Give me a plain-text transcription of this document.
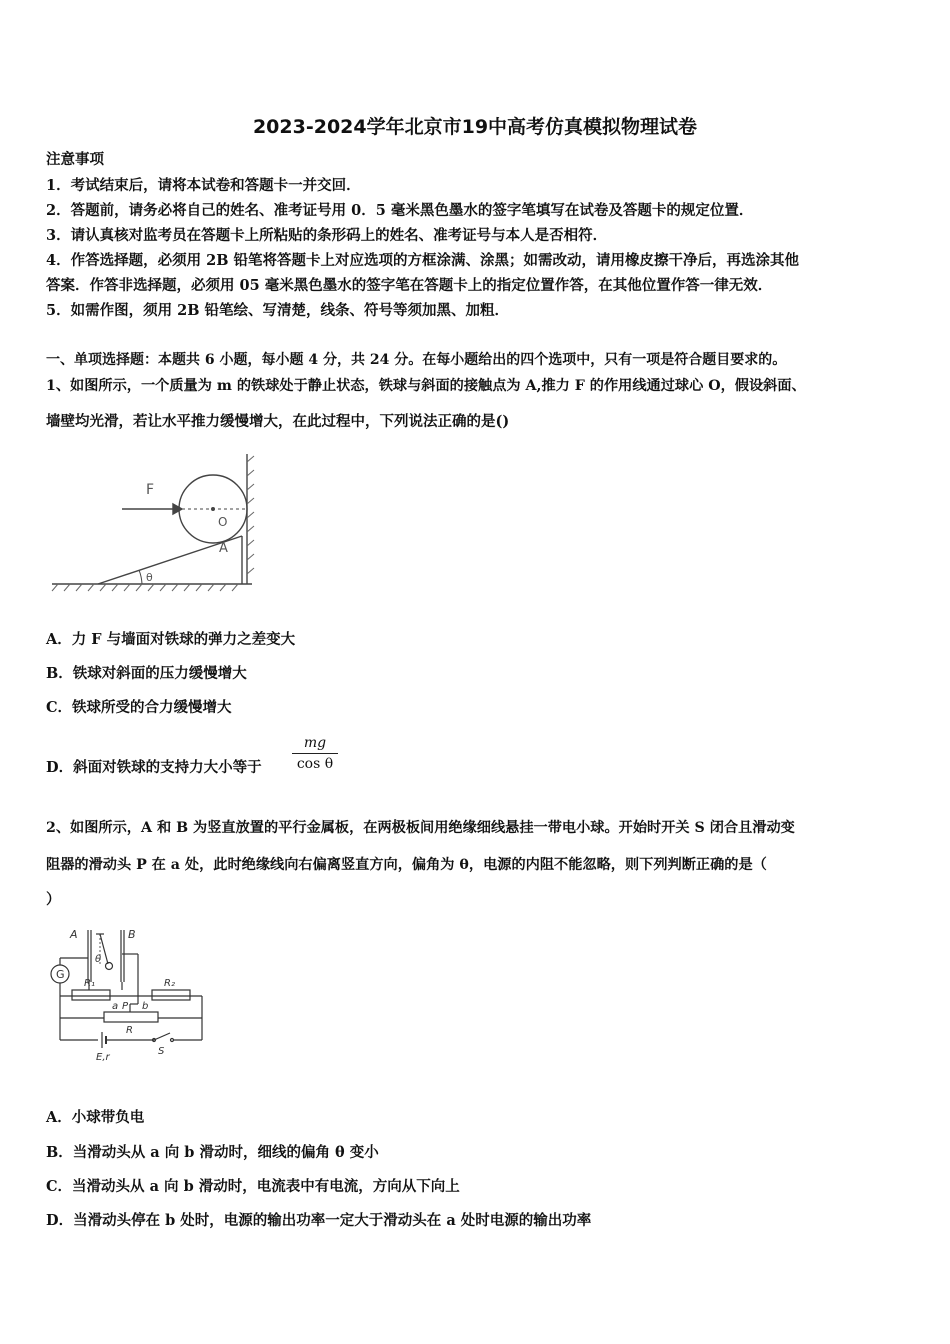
2023-2024学年北京市19中高考仿真模拟物理试卷
注意事项
1．考试结束后，请将本试卷和答题卡一并交回．
2．答题前，请务必将自己的姓名、准考证号用 0．5 毫米黑色墨水的签字笔填写在试卷及答题卡的规定位置．
3．请认真核对监考员在答题卡上所粘贴的条形码上的姓名、准考证号与本人是否相符．
4．作答选择题，必须用 2B 铅笔将答题卡上对应选项的方框涂满、涂黑；如需改动，请用橡皮擦干净后，再选涂其他
答案．作答非选择题，必须用 05 毫米黑色墨水的签字笔在答题卡上的指定位置作答，在其他位置作答一律无效．
5．如需作图，须用 2B 铅笔绘、写清楚，线条、符号等须加黑、加粗．
一、单项选择题：本题共 6 小题，每小题 4 分，共 24 分。在每小题给出的四个选项中，只有一项是符合题目要求的。
1、如图所示，一个质量为 m 的铁球处于静止状态，铁球与斜面的接触点为 A,推力 F 的作用线通过球心 O，假设斜面、
墙壁均光滑，若让水平推力缓慢增大，在此过程中，下列说法正确的是()
F
O
A
θ
A．力 F 与墙面对铁球的弹力之差变大
B．铁球对斜面的压力缓慢增大
C．铁球所受的合力缓慢增大
D．斜面对铁球的支持力大小等于 $\frac{mg}{\text{cos θ}}$
2、如图所示，A 和 B 为竖直放置的平行金属板，在两极板间用绝缘细线悬挂一带电小球。开始时开关 S 闭合且滑动变
阻器的滑动头 P 在 a 处，此时绝缘线向右偏离竖直方向，偏角为 θ，电源的内阻不能忽略，则下列判断正确的是（
）
A	B
θ
G
R₁	R₂
a P b
R
E,r
S
A．小球带负电
B．当滑动头从 a 向 b 滑动时，细线的偏角 θ 变小
C．当滑动头从 a 向 b 滑动时，电流表中有电流，方向从下向上
D．当滑动头停在 b 处时，电源的输出功率一定大于滑动头在 a 处时电源的输出功率
